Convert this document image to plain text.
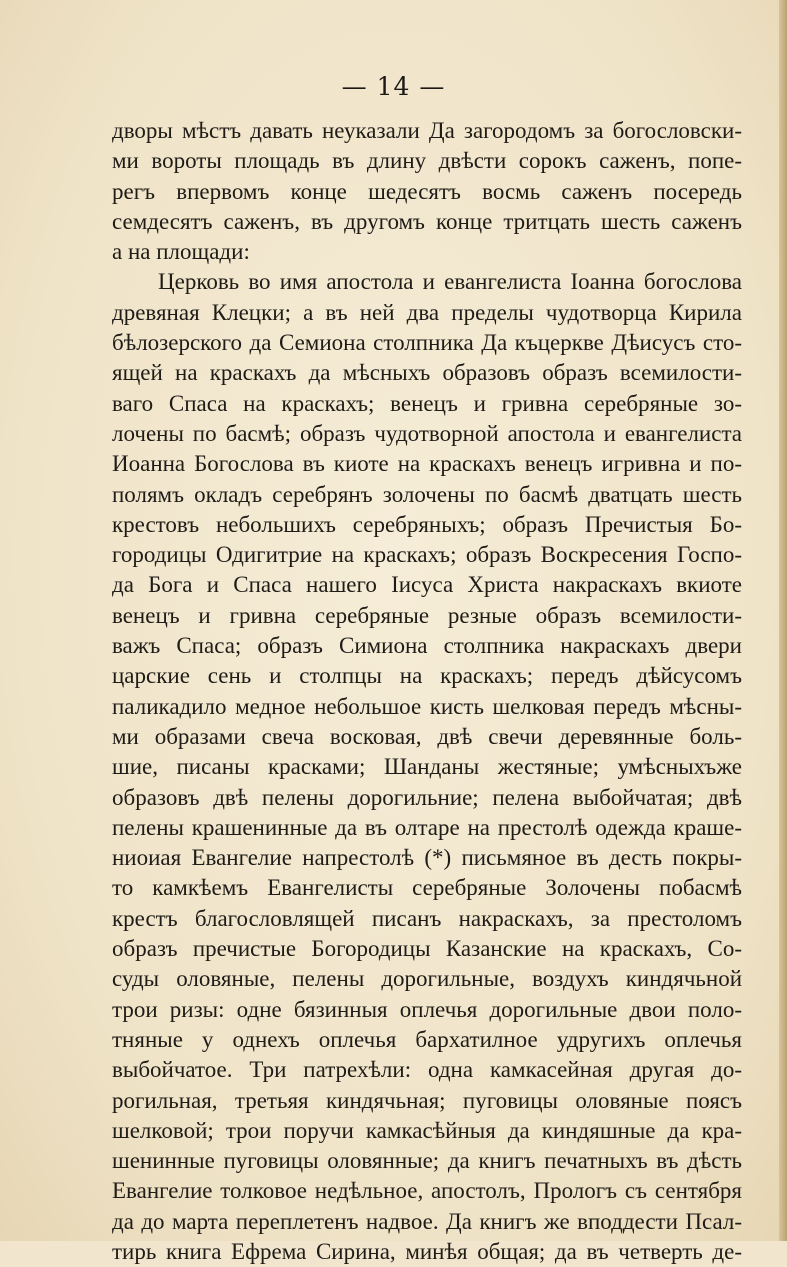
— 14 —
дворы мѣстъ давать неуказали Да загородомъ за богословски-
ми вороты площадь въ длину двѣсти сорокъ саженъ, попе-
регъ впервомъ конце шедесятъ восмь саженъ посередь
семдесятъ саженъ, въ другомъ конце тритцать шесть саженъ
а на площади:
Церковь во имя апостола и евангелиста Іоанна богослова
древяная Клецки; а въ ней два пределы чудотворца Кирила
бѣлозерского да Семиона столпника Да къцеркве Дѣисусъ сто-
ящей на краскахъ да мѣсныхъ образовъ образъ всемилости-
ваго Спаса на краскахъ; венецъ и гривна серебряные зо-
лочены по басмѣ; образъ чудотворной апостола и евангелиста
Иоанна Богослова въ киоте на краскахъ венецъ игривна и по-
полямъ окладъ серебрянъ золочены по басмѣ дватцать шесть
крестовъ небольшихъ серебряныхъ; образъ Пречистыя Бо-
городицы Одигитрие на краскахъ; образъ Воскресения Госпо-
да Бога и Спаса нашего Іисуса Христа накраскахъ вкиоте
венецъ и гривна серебряные резные образъ всемилости-
важъ Спаса; образъ Симиона столпника накраскахъ двери
царские сень и столпцы на краскахъ; передъ дѣйсусомъ
паликадило медное небольшое кисть шелковая передъ мѣсны-
ми образами свеча восковая, двѣ свечи деревянные боль-
шие, писаны красками; Шанданы жестяные; умѣсныхъже
образовъ двѣ пелены дорогильние; пелена выбойчатая; двѣ
пелены крашенинные да въ олтаре на престолѣ одежда краше-
ниоиая Евангелие напрестолѣ (*) письмяное въ десть покры-
то камкѣемъ Евангелисты серебряные Золочены побасмѣ
крестъ благословлящей писанъ накраскахъ, за престоломъ
образъ пречистые Богородицы Казанские на краскахъ, Со-
суды оловяные, пелены дорогильные, воздухъ киндячьной
трои ризы: одне бязинныя оплечья дорогильные двои поло-
тняные у однехъ оплечья бархатилное удругихъ оплечья
выбойчатое. Три патрехѣли: одна камкасейная другая до-
рогильная, третьяя киндячьная; пуговицы оловяные поясъ
шелковой; трои поручи камкасѣйныя да киндяшные да кра-
шенинные пуговицы оловянные; да книгъ печатныхъ въ дѣсть
Евангелие толковое недѣльное, апостолъ, Прологъ съ сентября
да до марта переплетенъ надвое. Да книгъ же вподдести Псал-
тирь книга Ефрема Сирина, минѣя общая; да въ четверть де-
